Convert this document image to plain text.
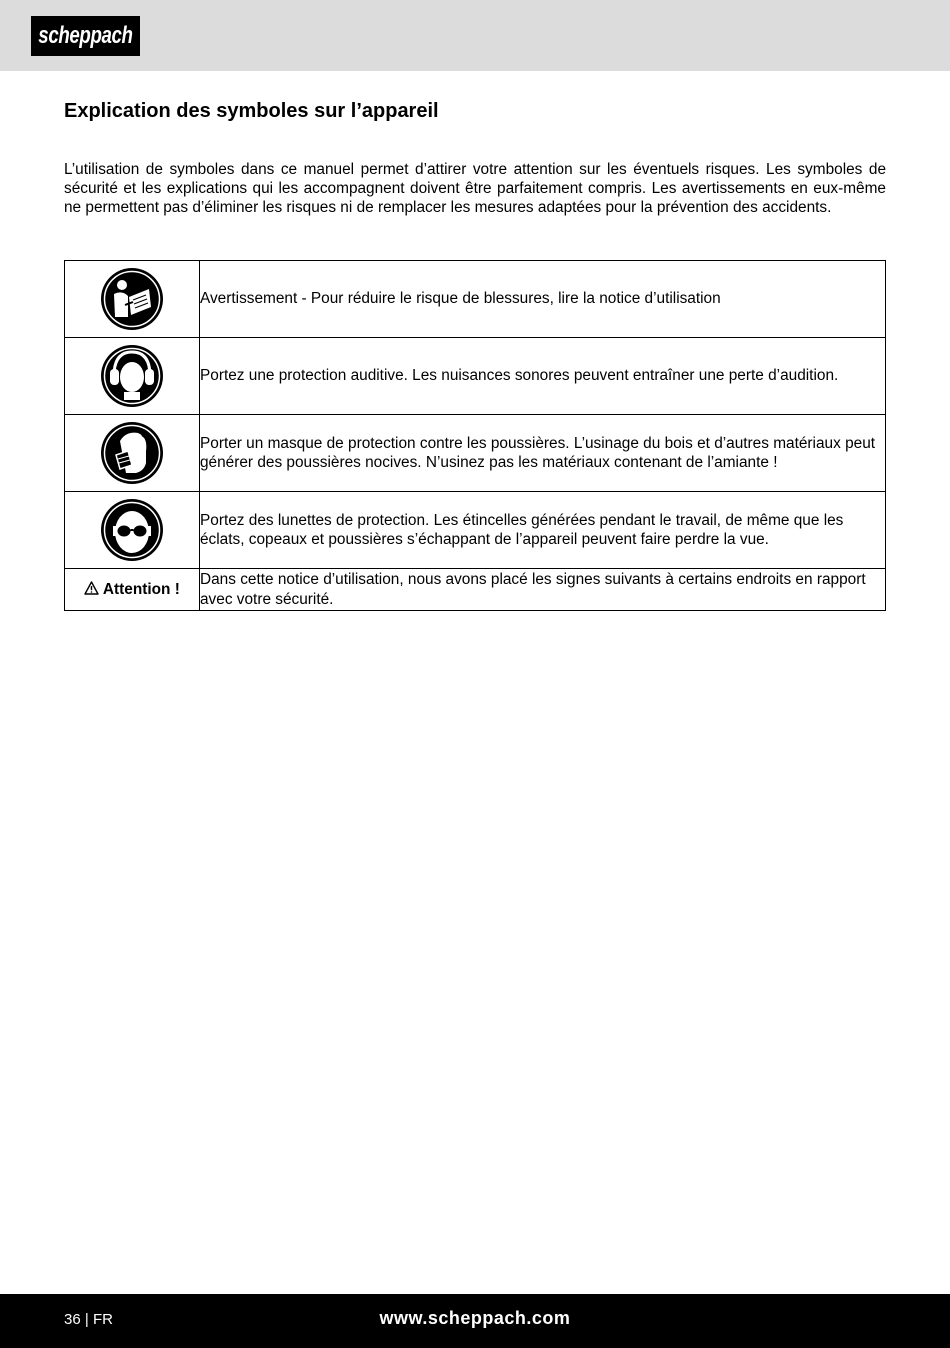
scheppach
Explication des symboles sur l’appareil

L’utilisation de symboles dans ce manuel permet d’attirer votre attention sur les éventuels risques. Les symboles de sécurité et les explications qui les accompagnent doivent être parfaitement compris. Les avertissements en eux-même ne permettent pas d’éliminer les risques ni de remplacer les mesures adaptées pour la prévention des accidents.

	Avertissement - Pour réduire le risque de blessures, lire la notice d’utilisation

	Portez une protection auditive. Les nuisances sonores peuvent entraîner une perte d’audition.

	Porter un masque de protection contre les poussières. L’usinage du bois et d’autres matériaux peut générer des poussières nocives. N’usinez pas les matériaux contenant de l’amiante !

	Portez des lunettes de protection. Les étincelles générées pendant le travail, de même que les éclats, copeaux et poussières s’échappant de l’appareil peuvent faire perdre la vue.
Attention !	Dans cette notice d’utilisation, nous avons placé les signes suivants à certains endroits en rapport avec votre sécurité.
36 | FR	www.scheppach.com
